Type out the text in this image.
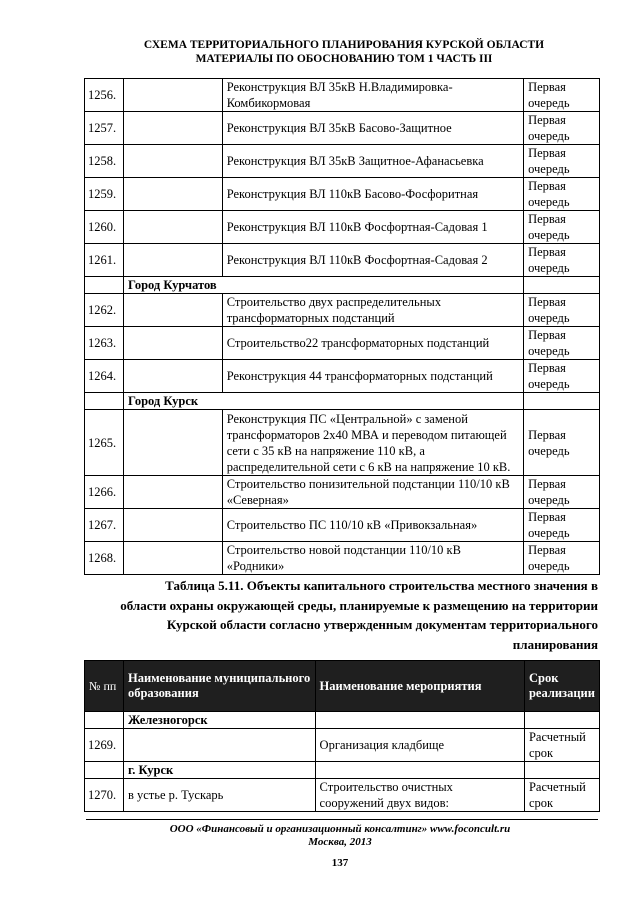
СХЕМА ТЕРРИТОРИАЛЬНОГО ПЛАНИРОВАНИЯ КУРСКОЙ ОБЛАСТИ
МАТЕРИАЛЫ ПО ОБОСНОВАНИЮ ТОМ 1 ЧАСТЬ III
1256.		Реконструкция ВЛ 35кВ Н.Владимировка-Комбикормовая	Первая очередь
1257.		Реконструкция ВЛ 35кВ Басово-Защитное	Первая очередь
1258.		Реконструкция ВЛ 35кВ Защитное-Афанасьевка	Первая очередь
1259.		Реконструкция ВЛ 110кВ Басово-Фосфоритная	Первая очередь
1260.		Реконструкция ВЛ 110кВ Фосфортная-Садовая 1	Первая очередь
1261.		Реконструкция ВЛ 110кВ Фосфортная-Садовая 2	Первая очередь
	Город Курчатов		
1262.		Строительство двух распределительных трансформаторных подстанций	Первая очередь
1263.		Строительство22 трансформаторных подстанций	Первая очередь
1264.		Реконструкция 44 трансформаторных подстанций	Первая очередь
	Город Курск		
1265.		Реконструкция ПС «Центральной» с заменой трансформаторов 2х40 МВА и переводом питающей сети с 35 кВ на напряжение 110 кВ, а распределительной сети с 6 кВ на напряжение 10 кВ.	Первая очередь
1266.		Строительство понизительной подстанции 110/10 кВ «Северная»	Первая очередь
1267.		Строительство ПС 110/10 кВ «Привокзальная»	Первая очередь
1268.		Строительство новой подстанции 110/10 кВ «Родники»	Первая очередь
Таблица 5.11. Объекты капитального строительства местного значения в
области охраны окружающей среды, планируемые к размещению на территории
Курской области согласно утвержденным документам территориального
планирования
№ пп	Наименование муниципального образования	Наименование мероприятия	Срок реализации
	Железногорск		
1269.		Организация кладбище	Расчетный срок
	г. Курск		
1270.	в устье р. Тускарь	Строительство очистных сооружений двух видов:	Расчетный срок
ООО «Финансовый и организационный консалтинг» www.foconcult.ru
Москва, 2013
137
